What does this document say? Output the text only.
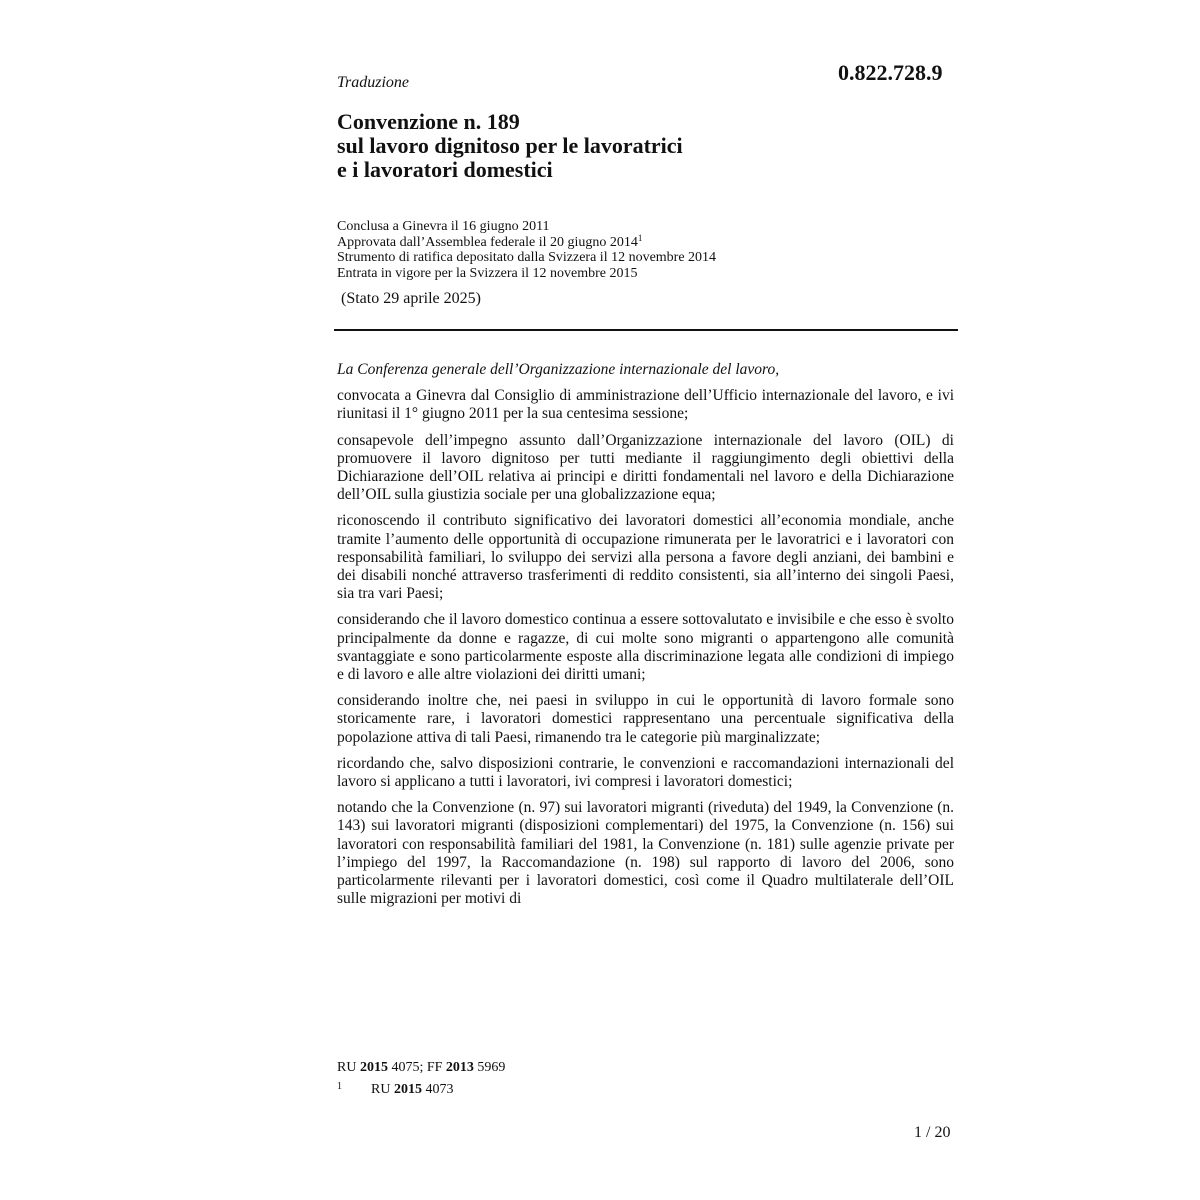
0.822.728.9
Traduzione
Convenzione n. 189
sul lavoro dignitoso per le lavoratrici
e i lavoratori domestici
Conclusa a Ginevra il 16 giugno 2011
Approvata dall’Assemblea federale il 20 giugno 2014$^1$
Strumento di ratifica depositato dalla Svizzera il 12 novembre 2014
Entrata in vigore per la Svizzera il 12 novembre 2015
(Stato 29 aprile 2025)
La Conferenza generale dell’Organizzazione internazionale del lavoro,

convocata a Ginevra dal Consiglio di amministrazione dell’Ufficio internazionale del lavoro, e ivi riunitasi il 1° giugno 2011 per la sua centesima sessione;

consapevole dell’impegno assunto dall’Organizzazione internazionale del lavoro (OIL) di promuovere il lavoro dignitoso per tutti mediante il raggiungimento degli obiettivi della Dichiarazione dell’OIL relativa ai principi e diritti fondamentali nel lavoro e della Dichiarazione dell’OIL sulla giustizia sociale per una globalizzazione equa;

riconoscendo il contributo significativo dei lavoratori domestici all’economia mondiale, anche tramite l’aumento delle opportunità di occupazione rimunerata per le lavoratrici e i lavoratori con responsabilità familiari, lo sviluppo dei servizi alla persona a favore degli anziani, dei bambini e dei disabili nonché attraverso trasferimenti di reddito consistenti, sia all’interno dei singoli Paesi, sia tra vari Paesi;

considerando che il lavoro domestico continua a essere sottovalutato e invisibile e che esso è svolto principalmente da donne e ragazze, di cui molte sono migranti o appartengono alle comunità svantaggiate e sono particolarmente esposte alla discriminazione legata alle condizioni di impiego e di lavoro e alle altre violazioni dei diritti umani;

considerando inoltre che, nei paesi in sviluppo in cui le opportunità di lavoro formale sono storicamente rare, i lavoratori domestici rappresentano una percentuale significativa della popolazione attiva di tali Paesi, rimanendo tra le categorie più marginalizzate;

ricordando che, salvo disposizioni contrarie, le convenzioni e raccomandazioni internazionali del lavoro si applicano a tutti i lavoratori, ivi compresi i lavoratori domestici;

notando che la Convenzione (n. 97) sui lavoratori migranti (riveduta) del 1949, la Convenzione (n. 143) sui lavoratori migranti (disposizioni complementari) del 1975, la Convenzione (n. 156) sui lavoratori con responsabilità familiari del 1981, la Convenzione (n. 181) sulle agenzie private per l’impiego del 1997, la Raccomandazione (n. 198) sul rapporto di lavoro del 2006, sono particolarmente rilevanti per i lavoratori domestici, così come il Quadro multilaterale dell’OIL sulle migrazioni per motivi di

RU 2015 4075; FF 2013 5969
1 RU 2015 4073
1 / 20
